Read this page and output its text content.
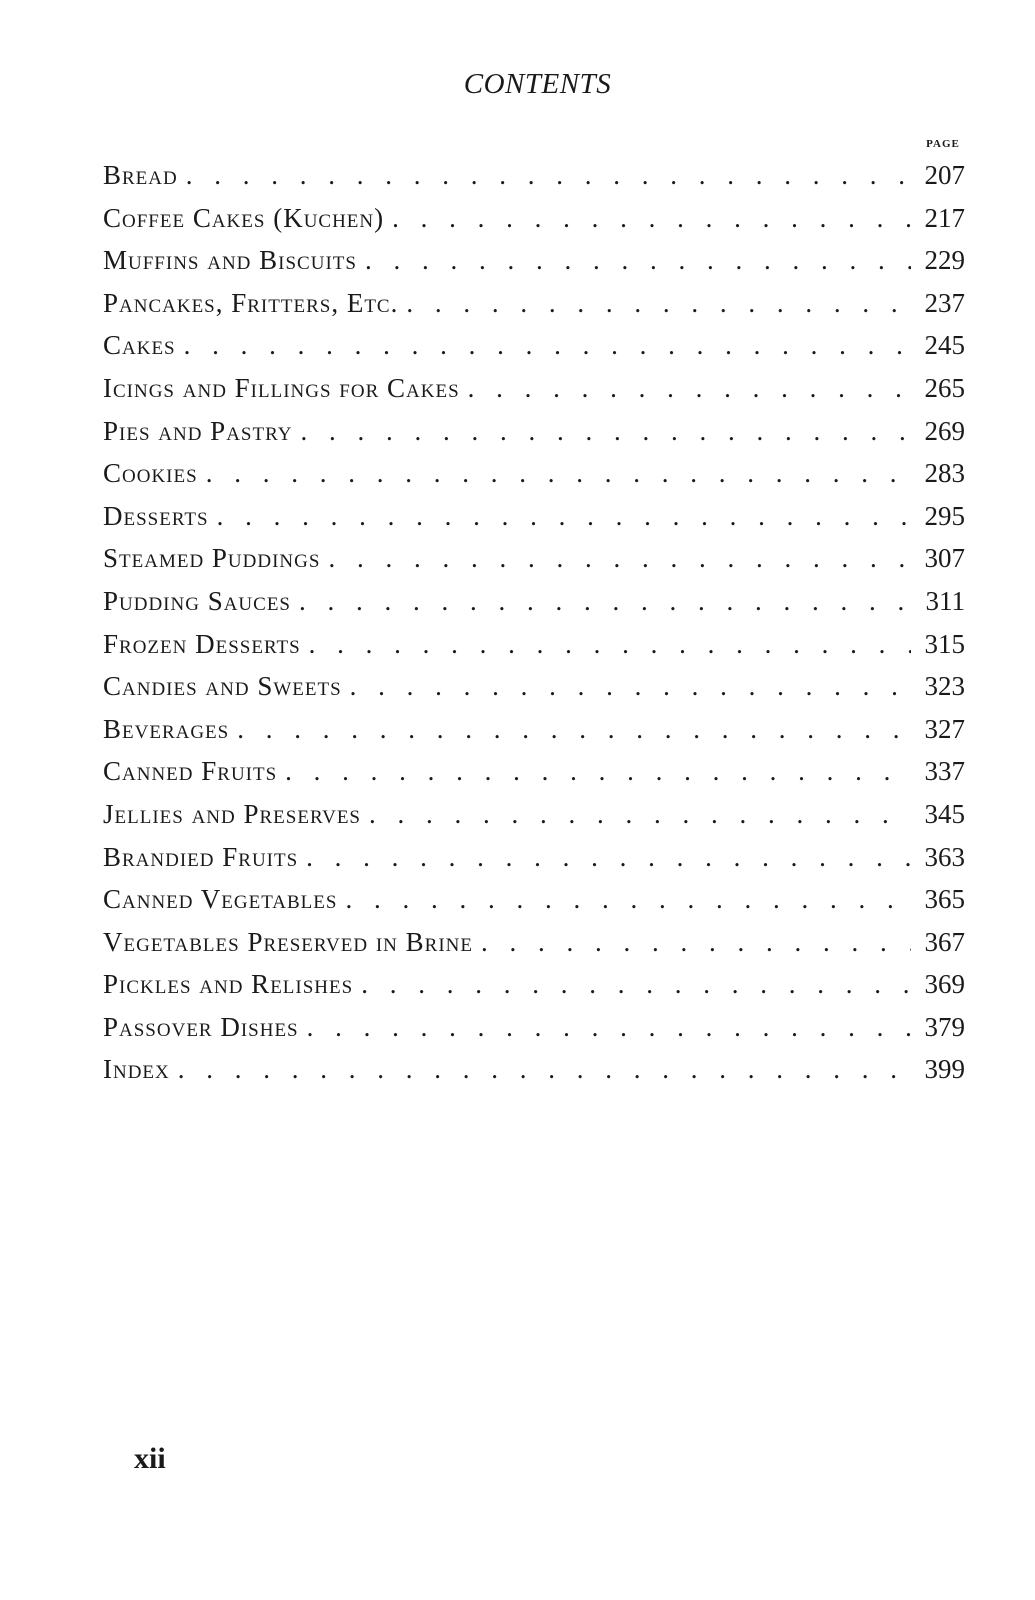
CONTENTS
PAGE
Bread . . .	207
Coffee Cakes (Kuchen) . . .	217
Muffins and Biscuits . . .	229
Pancakes, Fritters, Etc. . . .	237
Cakes . . .	245
Icings and Fillings for Cakes . . .	265
Pies and Pastry . . .	269
Cookies . . .	283
Desserts . . .	295
Steamed Puddings . . .	307
Pudding Sauces . . .	311
Frozen Desserts . . .	315
Candies and Sweets . . .	323
Beverages . . .	327
Canned Fruits . . .	337
Jellies and Preserves . . .	345
Brandied Fruits . . .	363
Canned Vegetables . . .	365
Vegetables Preserved in Brine . . .	367
Pickles and Relishes . . .	369
Passover Dishes . . .	379
Index . . .	399
xii
